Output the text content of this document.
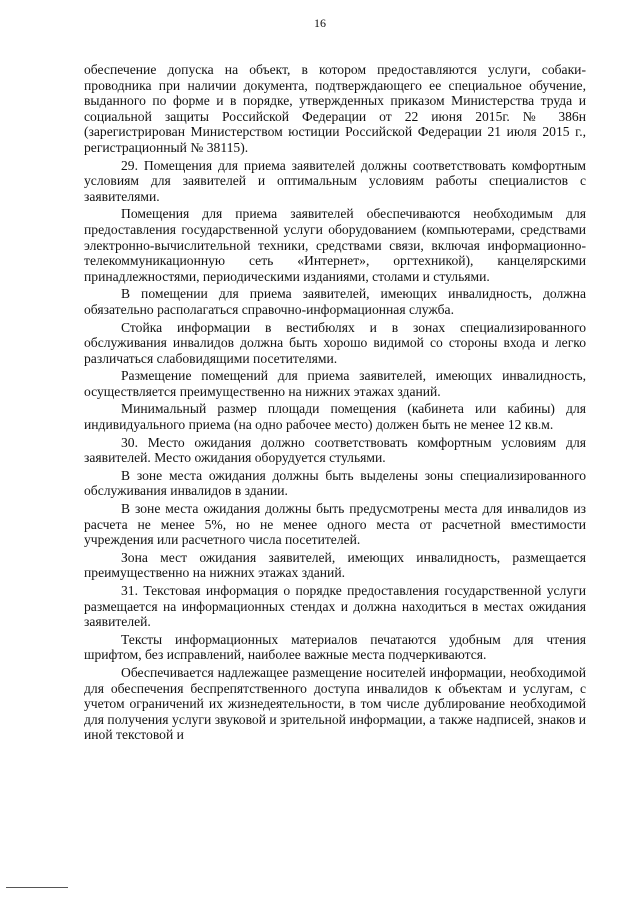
16

обеспечение допуска на объект, в котором предоставляются услуги, собаки-проводника при наличии документа, подтверждающего ее специальное обучение, выданного по форме и в порядке, утвержденных приказом Министерства труда и социальной защиты Российской Федерации от 22 июня 2015г. № 386н (зарегистрирован Министерством юстиции Российской Федерации 21 июля 2015 г., регистрационный № 38115).

29. Помещения для приема заявителей должны соответствовать комфортным условиям для заявителей и оптимальным условиям работы специалистов с заявителями.

Помещения для приема заявителей обеспечиваются необходимым для предоставления государственной услуги оборудованием (компьютерами, средствами электронно-вычислительной техники, средствами связи, включая информационно-телекоммуникационную сеть «Интернет», оргтехникой), канцелярскими принадлежностями, периодическими изданиями, столами и стульями.

В помещении для приема заявителей, имеющих инвалидность, должна обязательно располагаться справочно-информационная служба.

Стойка информации в вестибюлях и в зонах специализированного обслуживания инвалидов должна быть хорошо видимой со стороны входа и легко различаться слабовидящими посетителями.

Размещение помещений для приема заявителей, имеющих инвалидность, осуществляется преимущественно на нижних этажах зданий.

Минимальный размер площади помещения (кабинета или кабины) для индивидуального приема (на одно рабочее место) должен быть не менее 12 кв.м.

30. Место ожидания должно соответствовать комфортным условиям для заявителей. Место ожидания оборудуется стульями.

В зоне места ожидания должны быть выделены зоны специализированного обслуживания инвалидов в здании.

В зоне места ожидания должны быть предусмотрены места для инвалидов из расчета не менее 5%, но не менее одного места от расчетной вместимости учреждения или расчетного числа посетителей.

Зона мест ожидания заявителей, имеющих инвалидность, размещается преимущественно на нижних этажах зданий.

31. Текстовая информация о порядке предоставления государственной услуги размещается на информационных стендах и должна находиться в местах ожидания заявителей.

Тексты информационных материалов печатаются удобным для чтения шрифтом, без исправлений, наиболее важные места подчеркиваются.

Обеспечивается надлежащее размещение носителей информации, необходимой для обеспечения беспрепятственного доступа инвалидов к объектам и услугам, с учетом ограничений их жизнедеятельности, в том числе дублирование необходимой для получения услуги звуковой и зрительной информации, а также надписей, знаков и иной текстовой и
